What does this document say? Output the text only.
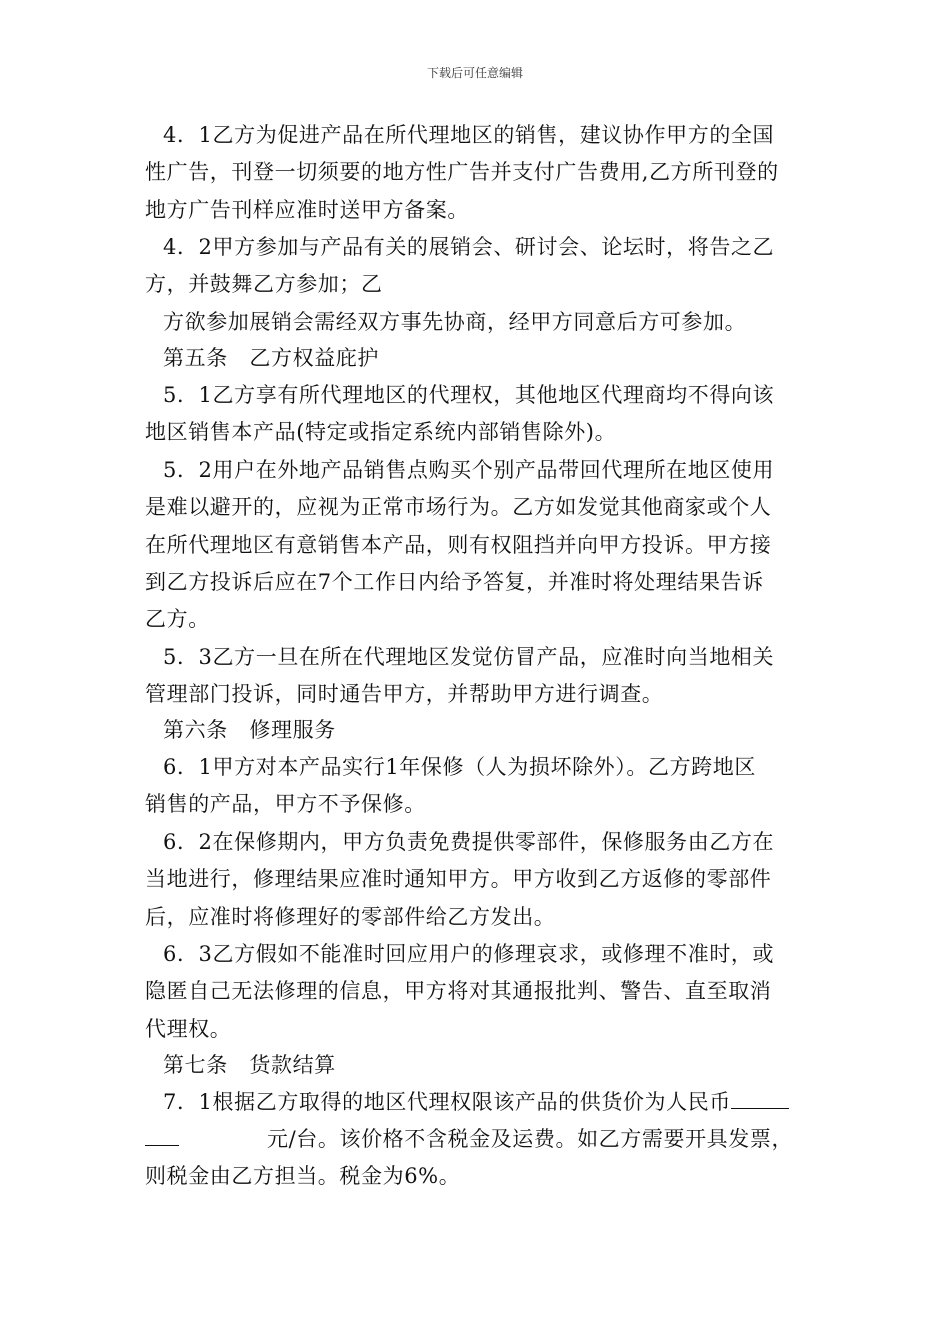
下载后可任意编辑
4．1乙方为促进产品在所代理地区的销售，建议协作甲方的全国
性广告，刊登一切须要的地方性广告并支付广告费用,乙方所刊登的
地方广告刊样应准时送甲方备案。
4．2甲方参加与产品有关的展销会、研讨会、论坛时，将告之乙
方，并鼓舞乙方参加；乙
方欲参加展销会需经双方事先协商，经甲方同意后方可参加。
第五条　乙方权益庇护
5．1乙方享有所代理地区的代理权，其他地区代理商均不得向该
地区销售本产品(特定或指定系统内部销售除外)。
5．2用户在外地产品销售点购买个别产品带回代理所在地区使用
是难以避开的，应视为正常市场行为。乙方如发觉其他商家或个人
在所代理地区有意销售本产品，则有权阻挡并向甲方投诉。甲方接
到乙方投诉后应在7个工作日内给予答复，并准时将处理结果告诉
乙方。
5．3乙方一旦在所在代理地区发觉仿冒产品，应准时向当地相关
管理部门投诉，同时通告甲方，并帮助甲方进行调查。
第六条　修理服务
6．1甲方对本产品实行1年保修（人为损坏除外）。乙方跨地区
销售的产品，甲方不予保修。
6．2在保修期内，甲方负责免费提供零部件，保修服务由乙方在
当地进行，修理结果应准时通知甲方。甲方收到乙方返修的零部件
后，应准时将修理好的零部件给乙方发出。
6．3乙方假如不能准时回应用户的修理哀求，或修理不准时，或
隐匿自己无法修理的信息，甲方将对其通报批判、警告、直至取消
代理权。
第七条　货款结算
7．1根据乙方取得的地区代理权限该产品的供货价为人民币
元/台。该价格不含税金及运费。如乙方需要开具发票，
则税金由乙方担当。税金为6%。
